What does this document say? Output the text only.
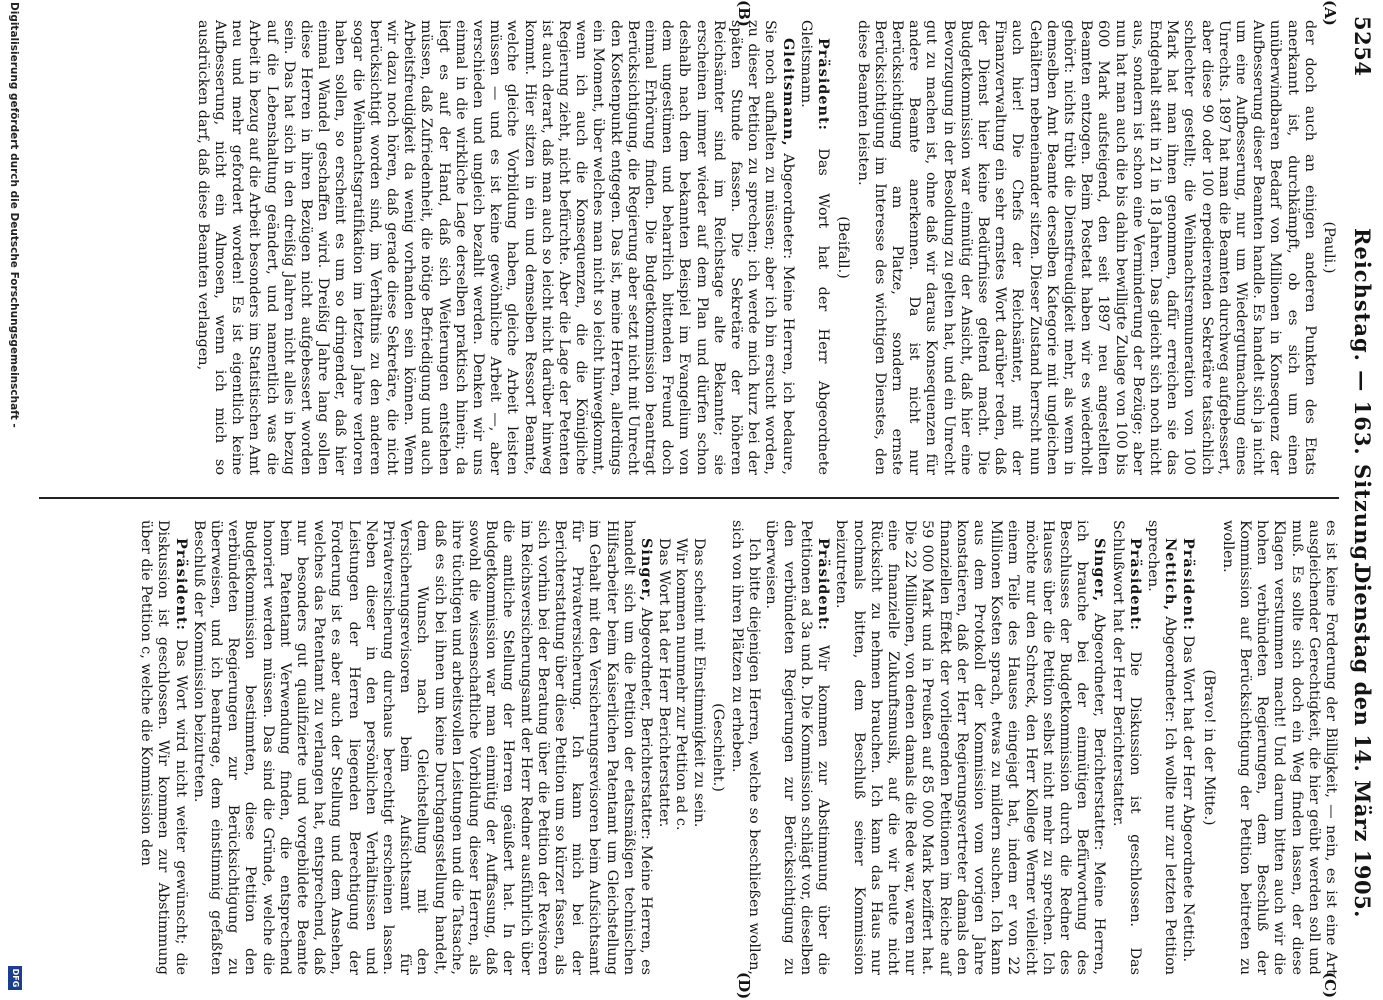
5254
Reichstag. — 163. Sitzung.
Dienstag den 14. März 1905.
(A)
(B)
(C)
(D)

(Pauli.)

der doch auch an einigen anderen Punkten des Etats anerkannt ist, durchkämpft, ob es sich um einen unüberwindbaren Bedarf von Millionen in Konsequenz der Aufbesserung dieser Beamten handle. Es handelt sich ja nicht um eine Aufbesserung, nur um Wiedergutmachung eines Unrechts. 1897 hat man die Beamten durchweg aufgebessert, aber diese 90 oder 100 erpedierenden Sekretäre tatsächlich schlechter gestellt; die Weihnachtsremuneration von 100 Mark hat man ihnen genommen, dafür erreichen sie das Endgehalt statt in 21 in 18 Jahren. Das gleicht sich noch nicht aus, sondern ist schon eine Verminderung der Bezüge; aber nun hat man auch die bis dahin bewilligte Zulage von 100 bis 600 Mark aufsteigend, den seit 1897 neu angestellten Beamten entzogen. Beim Postetat haben wir es wiederholt gehört: nichts trübt die Dienstfreudigkeit mehr, als wenn in demselben Amt Beamte derselben Kategorie mit ungleichen Gehältern nebeneinander sitzen. Dieser Zustand herrscht nun auch hier! Die Chefs der Reichsämter, mit der Finanzverwaltung ein sehr ernstes Wort darüber reden, daß der Dienst hier keine Bedürfnisse geltend macht. Die Budgetkommission war einmütig der Ansicht, daß hier eine Bevorzugung in der Besoldung zu gelten hat, und ein Unrecht gut zu machen ist, ohne daß wir daraus Konsequenzen für andere Beamte anerkennen. Da ist nicht nur Berücksichtigung am Platze, sondern ernste Berücksichtigung im Interesse des wichtigen Dienstes, den diese Beamten leisten.

(Beifall.)

Präsident: Das Wort hat der Herr Abgeordnete Gleitsmann.

Gleitsmann, Abgeordneter: Meine Herren, ich bedaure, Sie noch aufhalten zu müssen; aber ich bin ersucht worden, zu dieser Petition zu sprechen; ich werde mich kurz bei der späten Stunde fassen. Die Sekretäre der höheren Reichsämter sind im Reichstage alte Bekannte; sie erscheinen immer wieder auf dem Plan und dürfen schon deshalb nach dem bekannten Beispiel im Evangelium von dem ungestümen und beharrlich bittenden Freund doch einmal Erhörung finden. Die Budgetkommission beantragt Berücksichtigung, die Regierung aber setzt nicht mit Unrecht den Kostenpunkt entgegen. Das ist, meine Herren, allerdings ein Moment, über welches man nicht so leicht hinwegkommt, wenn ich auch die Konsequenzen, die die Königliche Regierung zieht, nicht befürchte. Aber die Lage der Petenten ist auch derart, daß man auch so leicht nicht darüber hinweg kommt. Hier sitzen in ein und demselben Ressort Beamte, welche gleiche Vorbildung haben, gleiche Arbeit leisten müssen — und es ist keine gewöhnliche Arbeit —, aber verschieden und ungleich bezahlt werden. Denken wir uns einmal in die wirkliche Lage derselben praktisch hinein; da liegt es auf der Hand, daß sich Weiterungen entstehen müssen, daß Zufriedenheit, die nötige Befriedigung und auch Arbeitsfreudigkeit da wenig vorhanden sein können. Wenn wir dazu noch hören, daß gerade diese Sekretäre, die nicht berücksichtigt worden sind, im Verhältnis zu den anderen sogar die Weihnachtsgratifikation im letzten Jahre verloren haben sollen, so erscheint es um so dringender, daß hier einmal Wandel geschaffen wird. Dreißig Jahre lang sollen diese Herren in ihren Bezügen nicht aufgebessert worden sein. Das hat sich in den dreißig Jahren nicht alles in bezug auf die Lebenshaltung geändert, und namentlich was die Arbeit in bezug auf die Arbeit besonders im Statistischen Amt neu und mehr gefordert worden! Es ist eigentlich keine Aufbesserung, nicht ein Almosen, wenn ich mich so ausdrücken darf, daß diese Beamten verlangen,

es ist keine Forderung der Billigkeit, — nein, es ist eine Art ausgleichender Gerechtigkeit, die hier geübt werden soll und muß. Es sollte sich doch ein Weg finden lassen, der diese Klagen verstummen macht! Und darum bitten auch wir die hohen verbündeten Regierungen, dem Beschluß der Kommission auf Berücksichtigung der Petition beitreten zu wollen.

(Bravo! in der Mitte.)

Präsident: Das Wort hat der Herr Abgeordnete Nettich.

Nettich, Abgeordneter: Ich wollte nur zur letzten Petition sprechen.

Präsident: Die Diskussion ist geschlossen. Das Schlußwort hat der Herr Berichterstatter.

Singer, Abgeordneter, Berichterstatter: Meine Herren, ich brauche bei der einmütigen Befürwortung des Beschlusses der Budgetkommission durch die Redner des Hauses über die Petition selbst nicht mehr zu sprechen. Ich möchte nur den Schreck, den Herr Kollege Werner vielleicht einem Teile des Hauses eingejagt hat, indem er von 22 Millionen Kosten sprach, etwas zu mildern suchen. Ich kann aus dem Protokoll der Kommission vom vorigen Jahre konstatieren, daß der Herr Regierungsvertreter damals den finanziellen Effekt der vorliegenden Petitionen im Reiche auf 59 000 Mark und in Preußen auf 85 000 Mark beziffert hat. Die 22 Millionen, von denen damals die Rede war, waren nur eine finanzielle Zukunftsmusik, auf die wir heute nicht Rücksicht zu nehmen brauchen. Ich kann das Haus nur nochmals bitten, dem Beschluß seiner Kommission beizutreten.

Präsident: Wir kommen zur Abstimmung über die Petitionen ad 3a und b. Die Kommission schlägt vor, dieselben den verbündeten Regierungen zur Berücksichtigung zu überweisen.

Ich bitte diejenigen Herren, welche so beschließen wollen, sich von ihren Plätzen zu erheben.

(Geschieht.)

Das scheint mit Einstimmigkeit zu sein.

Wir kommen nunmehr zur Petition ad c.

Das Wort hat der Herr Berichterstatter.

Singer, Abgeordneter, Berichterstatter: Meine Herren, es handelt sich um die Petition der etatsmäßigen technischen Hilfsarbeiter beim Kaiserlichen Patentamt um Gleichstellung im Gehalt mit den Versicherungsrevisoren beim Aufsichtsamt für Privatversicherung. Ich kann mich bei der Berichterstattung über diese Petition um so kürzer fassen, als sich vorhin bei der Beratung über die Petition der Revisoren im Reichsversicherungsamt der Herr Redner ausführlich über die amtliche Stellung der Herren geäußert hat. In der Budgetkommission war man einmütig der Auffassung, daß sowohl die wissenschaftliche Vorbildung dieser Herren, als ihre tüchtigen und arbeitsvollen Leistungen und die Tatsache, daß es sich bei ihnen um keine Durchgangsstellung handelt, dem Wunsch nach Gleichstellung mit den Versicherungsrevisoren beim Aufsichtsamt für Privatversicherung durchaus berechtigt erscheinen lassen. Neben dieser in den persönlichen Verhältnissen und Leistungen der Herren liegenden Berechtigung der Forderung ist es aber auch der Stellung und dem Ansehen, welches das Patentamt zu verlangen hat, entsprechend, daß nur besonders gut qualifizierte und vorgebildete Beamte beim Patentamt Verwendung finden, die entsprechend honoriert werden müssen. Das sind die Gründe, welche die Budgetkommission bestimmten, diese Petition den verbündeten Regierungen zur Berücksichtigung zu überweisen, und ich beantrage, dem einstimmig gefaßten Beschluß der Kommission beizutreten.

Präsident: Das Wort wird nicht weiter gewünscht; die Diskussion ist geschlossen. Wir kommen zur Abstimmung über die Petition c, welche die Kommission den

Digitalisierung gefördert durch die Deutsche Forschungsgemeinschaft -
DFG
